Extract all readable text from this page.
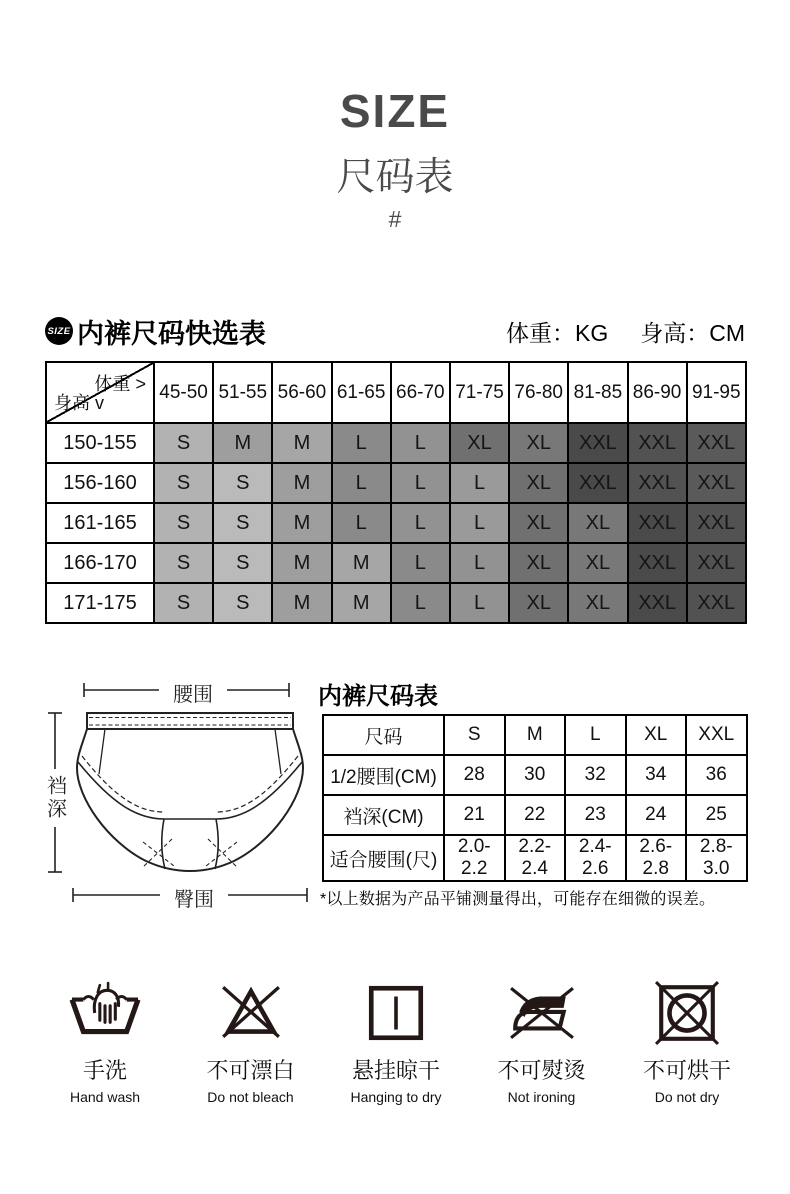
SIZE
尺码表
#
SIZE 内裤尺码快选表	体重：KG 身高：CM
体重 >
身高 v	45-50	51-55	56-60	61-65	66-70	71-75	76-80	81-85	86-90	91-95
150-155	S	M	M	L	L	XL	XL	XXL	XXL	XXL
156-160	S	S	M	L	L	L	XL	XXL	XXL	XXL
161-165	S	S	M	L	L	L	XL	XL	XXL	XXL
166-170	S	S	M	M	L	L	XL	XL	XXL	XXL
171-175	S	S	M	M	L	L	XL	XL	XXL	XXL
腰围
裆深
臀围
内裤尺码表
尺码	S	M	L	XL	XXL
1/2腰围(CM)	28	30	32	34	36
裆深(CM)	21	22	23	24	25
适合腰围(尺)	2.0-2.2	2.2-2.4	2.4-2.6	2.6-2.8	2.8-3.0
*以上数据为产品平铺测量得出，可能存在细微的误差。
手洗
Hand wash
不可漂白
Do not bleach
悬挂晾干
Hanging to dry
不可熨烫
Not ironing
不可烘干
Do not dry
